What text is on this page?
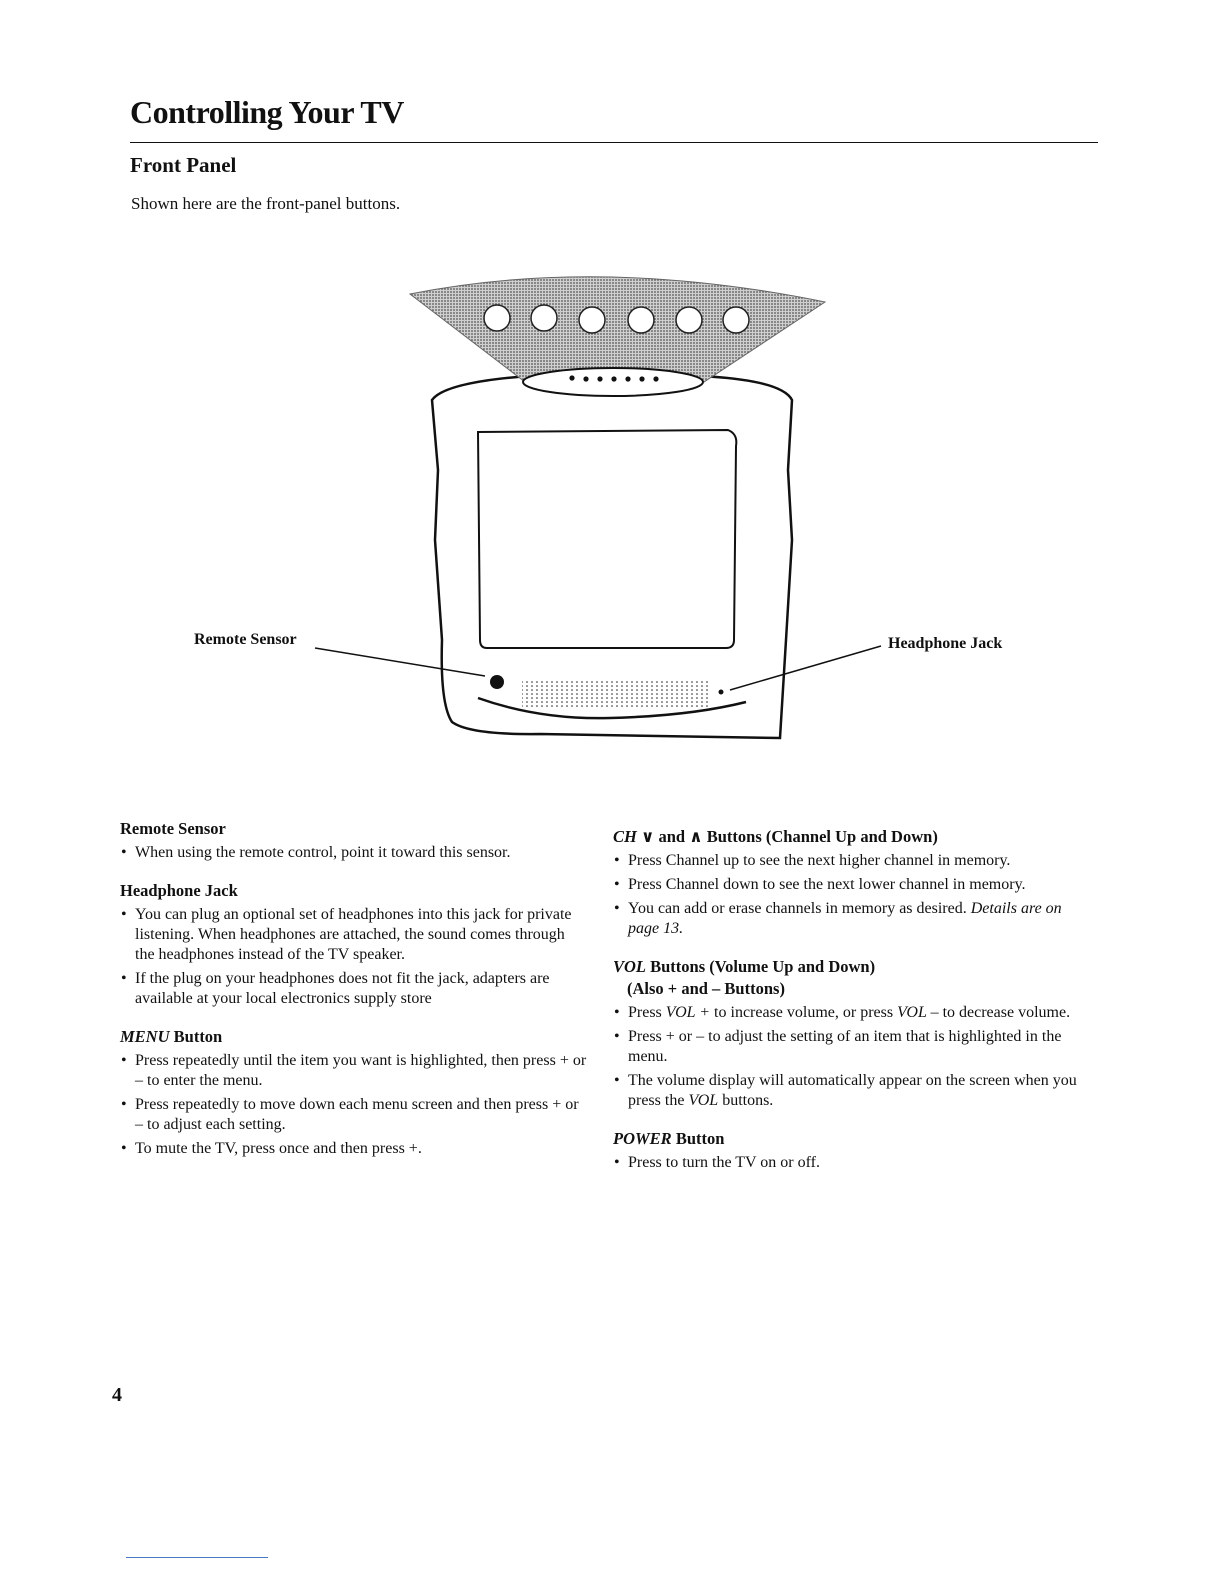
Controlling Your TV
Front Panel

Shown here are the front-panel buttons.

Remote Sensor	Headphone Jack
Remote Sensor
• When using the remote control, point it toward this sensor.
Headphone Jack
• You can plug an optional set of headphones into this jack for private listening. When headphones are attached, the sound comes through the headphones instead of the TV speaker.
• If the plug on your headphones does not fit the jack, adapters are available at your local electronics supply store
MENU Button
• Press repeatedly until the item you want is highlighted, then press + or – to enter the menu.
• Press repeatedly to move down each menu screen and then press + or – to adjust each setting.
• To mute the TV, press once and then press +.
CH ∨ and ∧ Buttons (Channel Up and Down)
• Press Channel up to see the next higher channel in memory.
• Press Channel down to see the next lower channel in memory.
• You can add or erase channels in memory as desired. Details are on page 13.
VOL Buttons (Volume Up and Down)
(Also + and – Buttons)
• Press VOL + to increase volume, or press VOL – to decrease volume.
• Press + or – to adjust the setting of an item that is highlighted in the menu.
• The volume display will automatically appear on the screen when you press the VOL buttons.
POWER Button
• Press to turn the TV on or off.
4
